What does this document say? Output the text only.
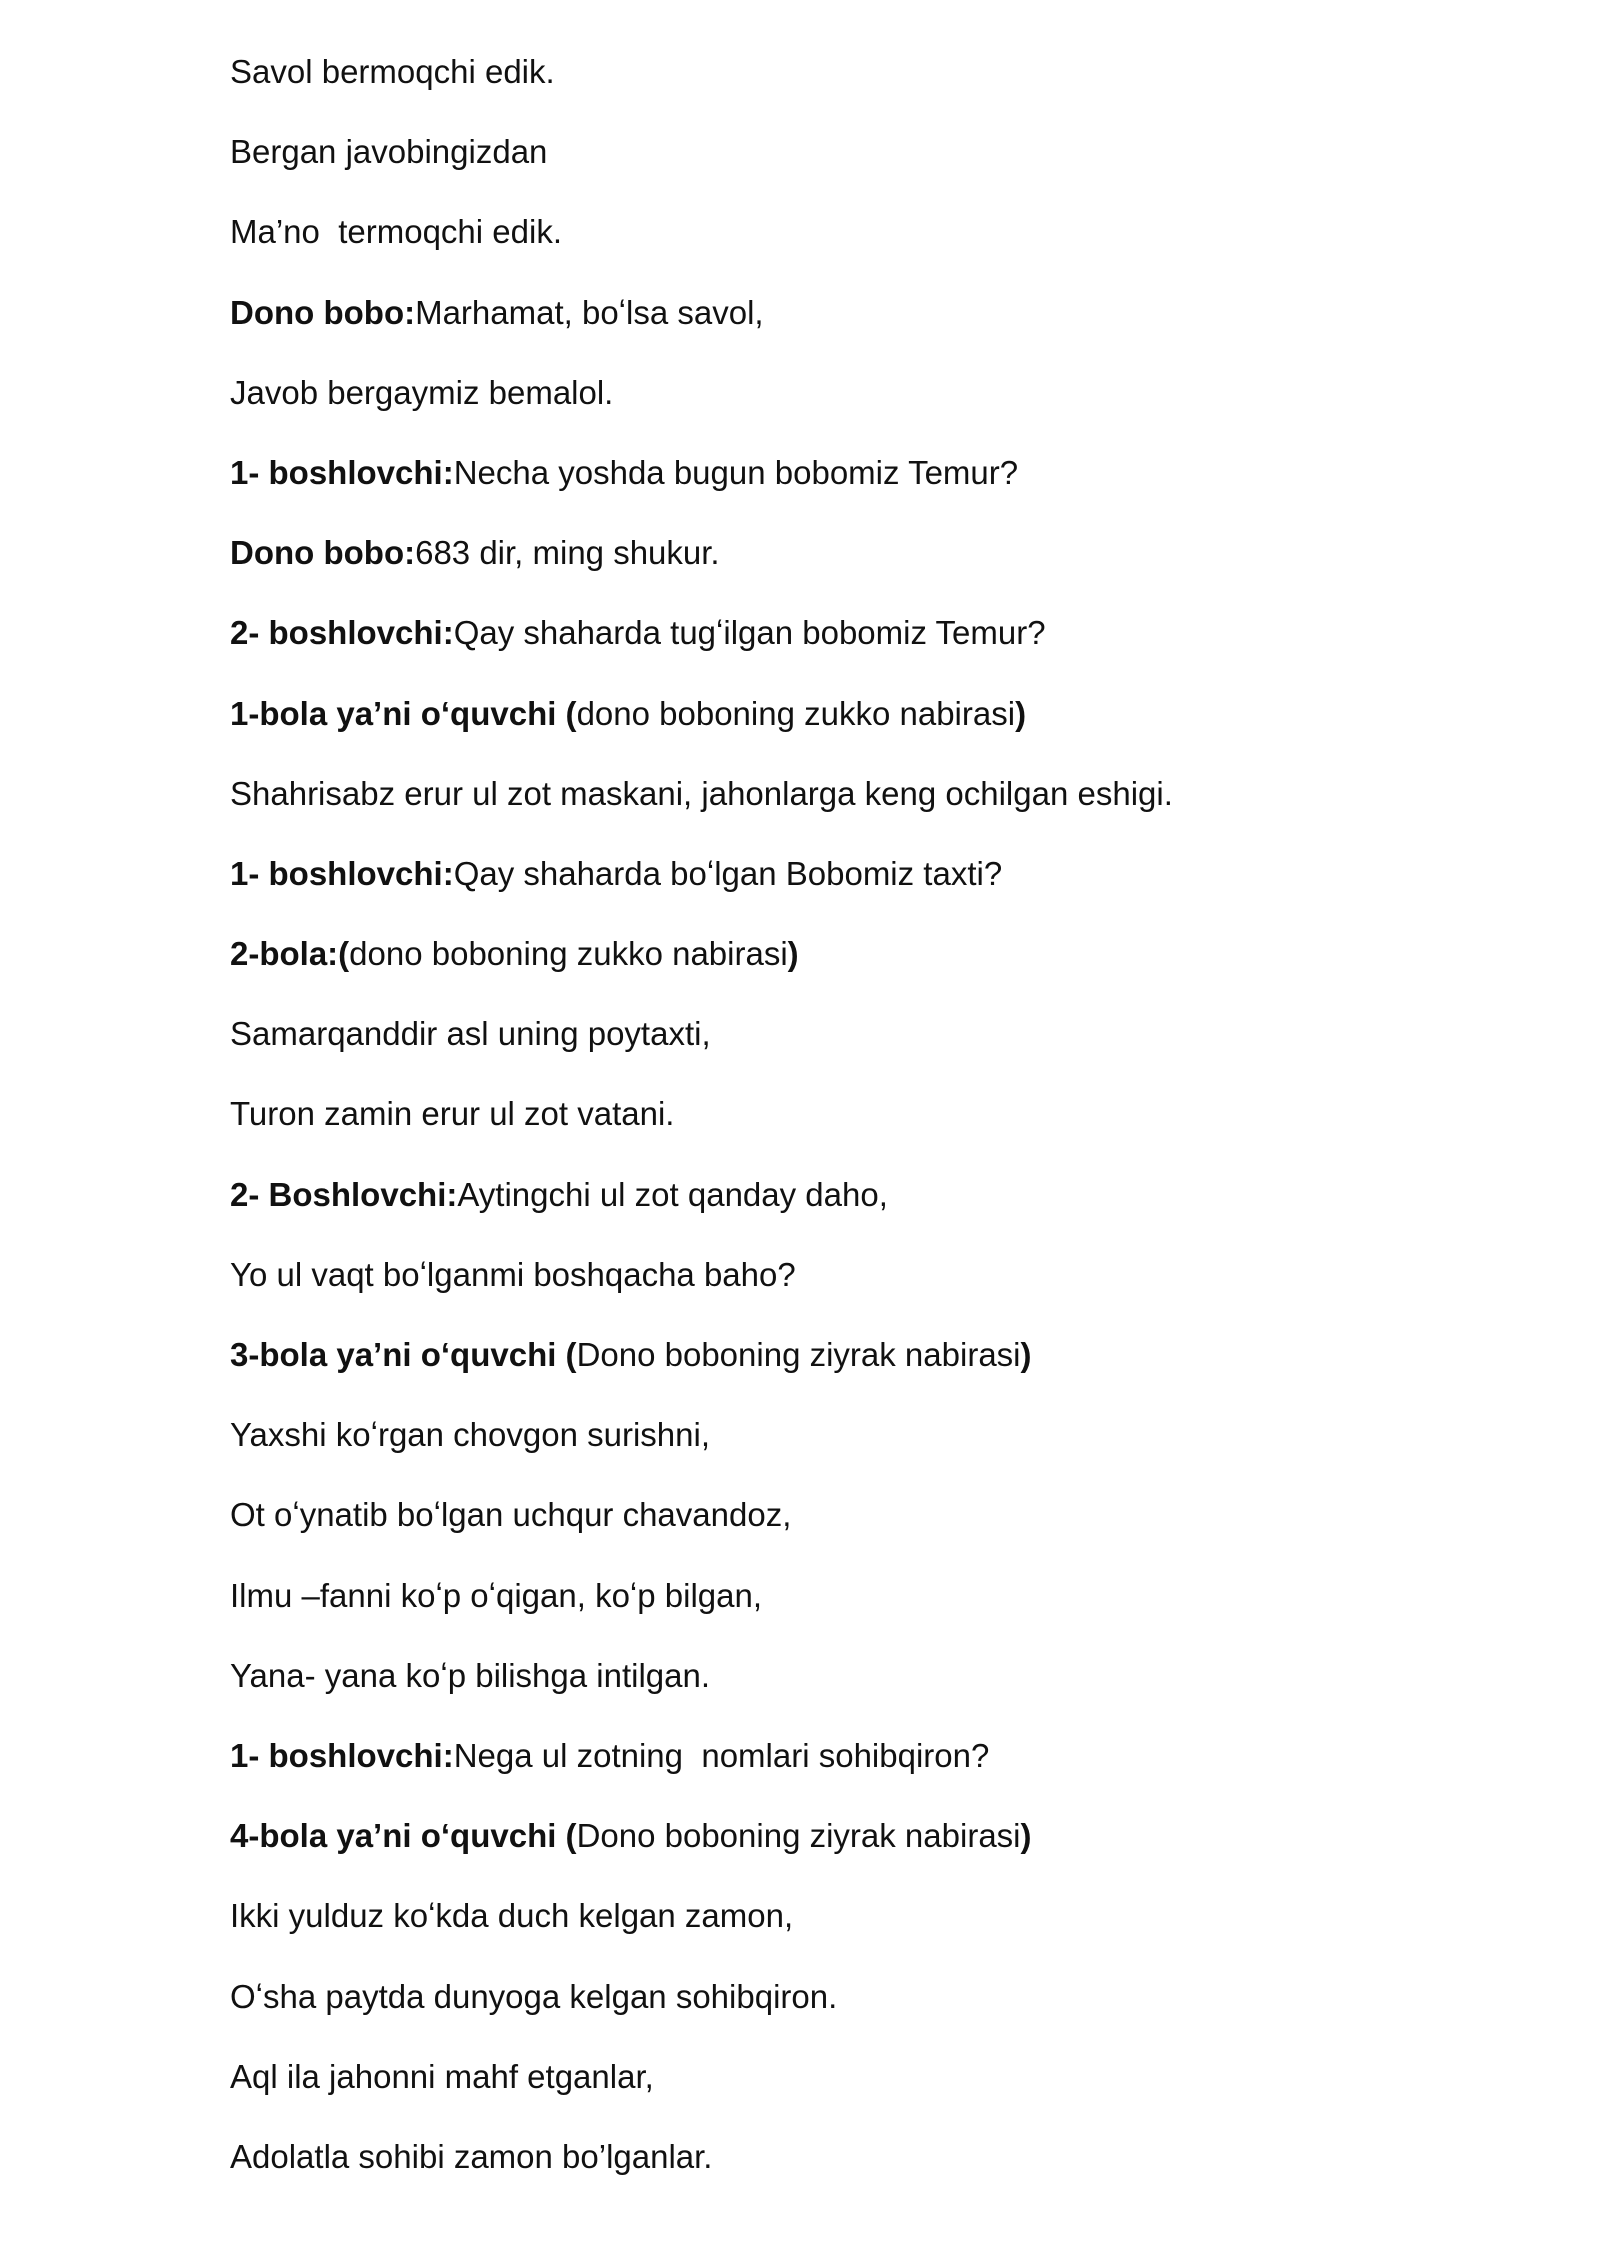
Savol bermoqchi edik.

Bergan javobingizdan

Ma’no  termoqchi edik.

Dono bobo:Marhamat, boʻlsa savol,

Javob bergaymiz bemalol.

1- boshlovchi:Necha yoshda bugun bobomiz Temur?

Dono bobo:683 dir, ming shukur.

2- boshlovchi:Qay shaharda tugʻilgan bobomiz Temur?

1-bola ya’ni oʻquvchi (dono boboning zukko nabirasi)

Shahrisabz erur ul zot maskani, jahonlarga keng ochilgan eshigi.

1- boshlovchi:Qay shaharda boʻlgan Bobomiz taxti?

2-bola:(dono boboning zukko nabirasi)

Samarqanddir asl uning poytaxti,

Turon zamin erur ul zot vatani.

2- Boshlovchi:Aytingchi ul zot qanday daho,

Yo ul vaqt boʻlganmi boshqacha baho?

3-bola ya’ni oʻquvchi (Dono boboning ziyrak nabirasi)

Yaxshi koʻrgan chovgon surishni,

Ot oʻynatib boʻlgan uchqur chavandoz,

Ilmu –fanni koʻp oʻqigan, koʻp bilgan,

Yana- yana koʻp bilishga intilgan.

1- boshlovchi:Nega ul zotning  nomlari sohibqiron?

4-bola ya’ni oʻquvchi (Dono boboning ziyrak nabirasi)

Ikki yulduz koʻkda duch kelgan zamon,

Oʻsha paytda dunyoga kelgan sohibqiron.

Aql ila jahonni mahf etganlar,

Adolatla sohibi zamon bo’lganlar.
